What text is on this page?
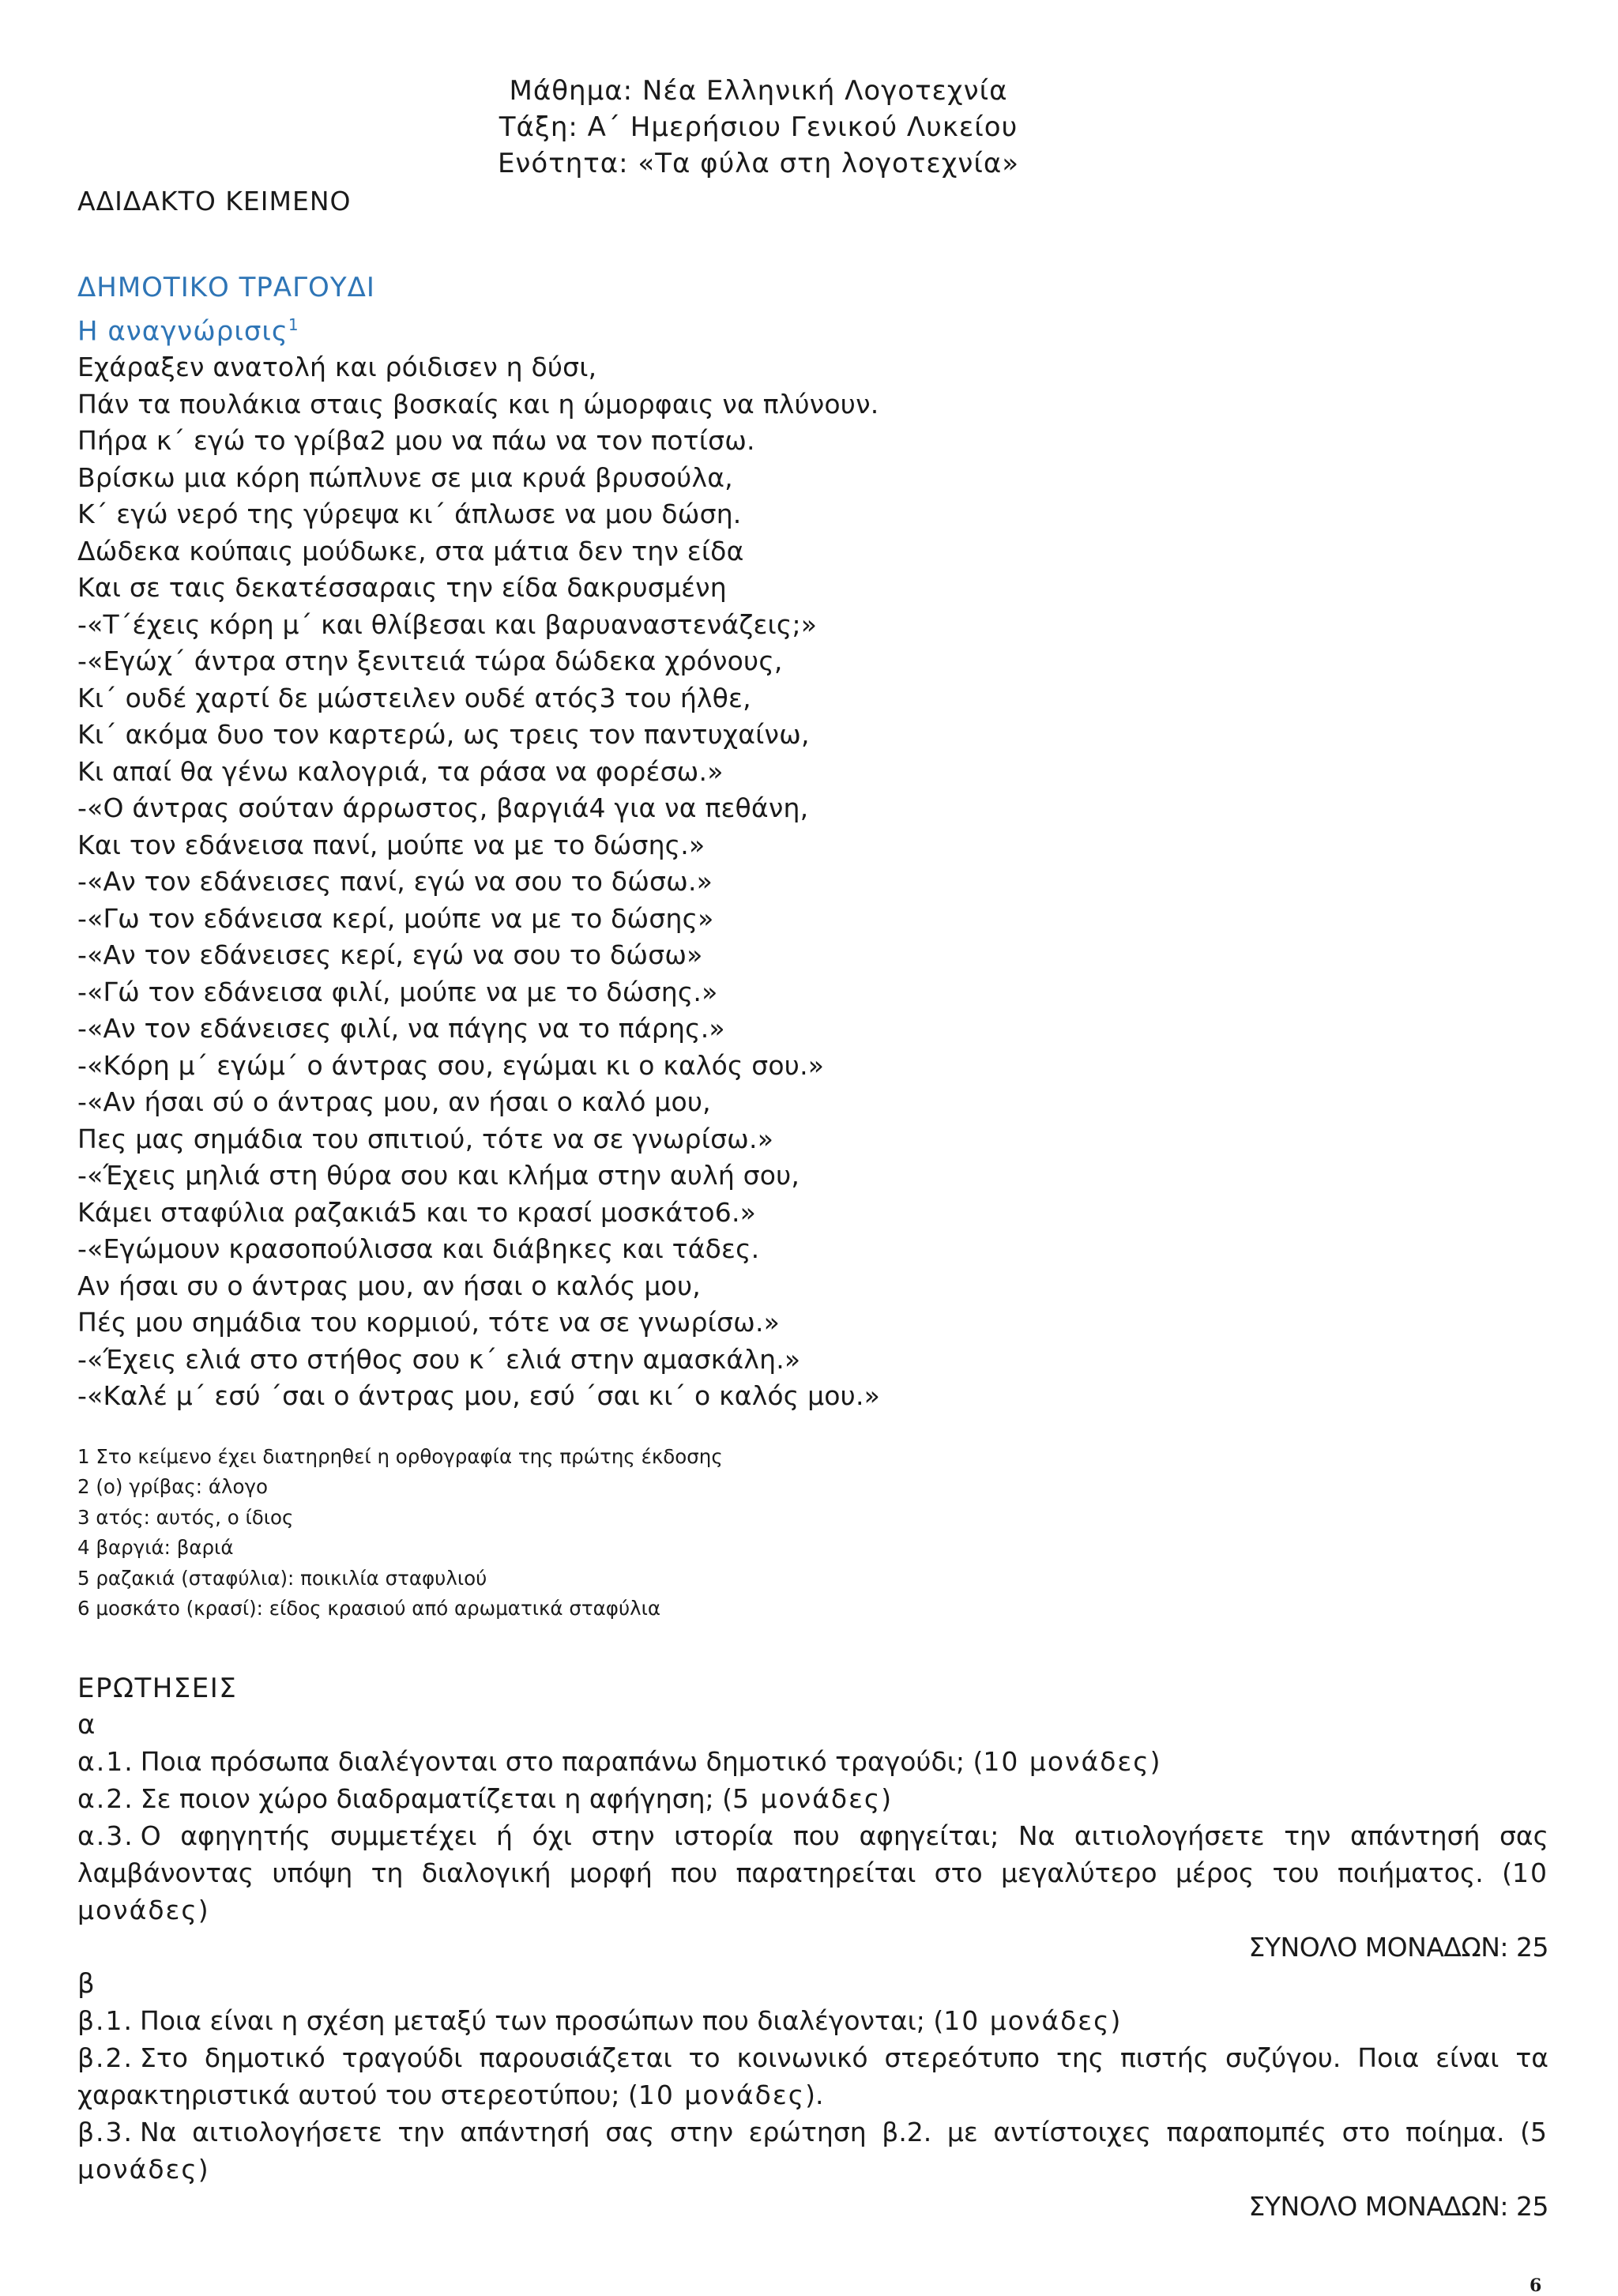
Μάθημα: Νέα Ελληνική Λογοτεχνία
Τάξη: Α΄ Ημερήσιου Γενικού Λυκείου
Ενότητα: «Τα φύλα στη λογοτεχνία»
ΑΔΙΔΑΚΤΟ ΚΕΙΜΕΝΟ
ΔΗΜΟΤΙΚΟ ΤΡΑΓΟΥΔΙ
Η αναγνώρισις$^1$
Εχάραξεν ανατολή και ρόιδισεν η δύσι,
Πάν τα πουλάκια σταις βοσκαίς και η ώμορφαις να πλύνουν.
Πήρα κ΄ εγώ το γρίβα2 μου να πάω να τον ποτίσω.
Βρίσκω μια κόρη πώπλυνε σε μια κρυά βρυσούλα,
Κ΄ εγώ νερό της γύρεψα κι΄ άπλωσε να μου δώση.
Δώδεκα κούπαις μούδωκε, στα μάτια δεν την είδα
Και σε ταις δεκατέσσαραις την είδα δακρυσμένη
-«Τ΄έχεις κόρη μ΄ και θλίβεσαι και βαρυαναστενάζεις;»
-«Εγώχ΄ άντρα στην ξενιτειά τώρα δώδεκα χρόνους,
Κι΄ ουδέ χαρτί δε μώστειλεν ουδέ ατός3 του ήλθε,
Κι΄ ακόμα δυο τον καρτερώ, ως τρεις τον παντυχαίνω,
Κι απαί θα γένω καλογριά, τα ράσα να φορέσω.»
-«Ο άντρας σούταν άρρωστος, βαργιά4 για να πεθάνη,
Και τον εδάνεισα πανί, μούπε να με το δώσης.»
-«Αν τον εδάνεισες πανί, εγώ να σου το δώσω.»
-«Γω τον εδάνεισα κερί, μούπε να με το δώσης»
-«Αν τον εδάνεισες κερί, εγώ να σου το δώσω»
-«Γώ τον εδάνεισα φιλί, μούπε να με το δώσης.»
-«Αν τον εδάνεισες φιλί, να πάγης να το πάρης.»
-«Κόρη μ΄ εγώμ΄ ο άντρας σου, εγώμαι κι ο καλός σου.»
-«Αν ήσαι σύ ο άντρας μου, αν ήσαι ο καλό μου,
Πες μας σημάδια του σπιτιού, τότε να σε γνωρίσω.»
-«Έχεις μηλιά στη θύρα σου και κλήμα στην αυλή σου,
Κάμει σταφύλια ραζακιά5 και το κρασί μοσκάτο6.»
-«Εγώμουν κρασοπούλισσα και διάβηκες και τάδες.
Αν ήσαι συ ο άντρας μου, αν ήσαι ο καλός μου,
Πές μου σημάδια του κορμιού, τότε να σε γνωρίσω.»
-«Έχεις ελιά στο στήθος σου κ΄ ελιά στην αμασκάλη.»
-«Καλέ μ΄ εσύ ΄σαι ο άντρας μου, εσύ ΄σαι κι΄ ο καλός μου.»
1 Στο κείμενο έχει διατηρηθεί η ορθογραφία της πρώτης έκδοσης
2 (ο) γρίβας: άλογο
3 ατός: αυτός, ο ίδιος
4 βαργιά: βαριά
5 ραζακιά (σταφύλια): ποικιλία σταφυλιού
6 μοσκάτο (κρασί): είδος κρασιού από αρωματικά σταφύλια
ΕΡΩΤΗΣΕΙΣ
α
α.1. Ποια πρόσωπα διαλέγονται στο παραπάνω δημοτικό τραγούδι; (10 μονάδες)
α.2. Σε ποιον χώρο διαδραματίζεται η αφήγηση; (5 μονάδες)
α.3. Ο αφηγητής συμμετέχει ή όχι στην ιστορία που αφηγείται; Να αιτιολογήσετε την απάντησή σας λαμβάνοντας υπόψη τη διαλογική μορφή που παρατηρείται στο μεγαλύτερο μέρος του ποιήματος. (10 μονάδες)
ΣΥΝΟΛΟ ΜΟΝΑΔΩΝ: 25
β
β.1. Ποια είναι η σχέση μεταξύ των προσώπων που διαλέγονται; (10 μονάδες)
β.2. Στο δημοτικό τραγούδι παρουσιάζεται το κοινωνικό στερεότυπο της πιστής συζύγου. Ποια είναι τα χαρακτηριστικά αυτού του στερεοτύπου; (10 μονάδες).
β.3. Να αιτιολογήσετε την απάντησή σας στην ερώτηση β.2. με αντίστοιχες παραπομπές στο ποίημα. (5 μονάδες)
ΣΥΝΟΛΟ ΜΟΝΑΔΩΝ: 25
6
